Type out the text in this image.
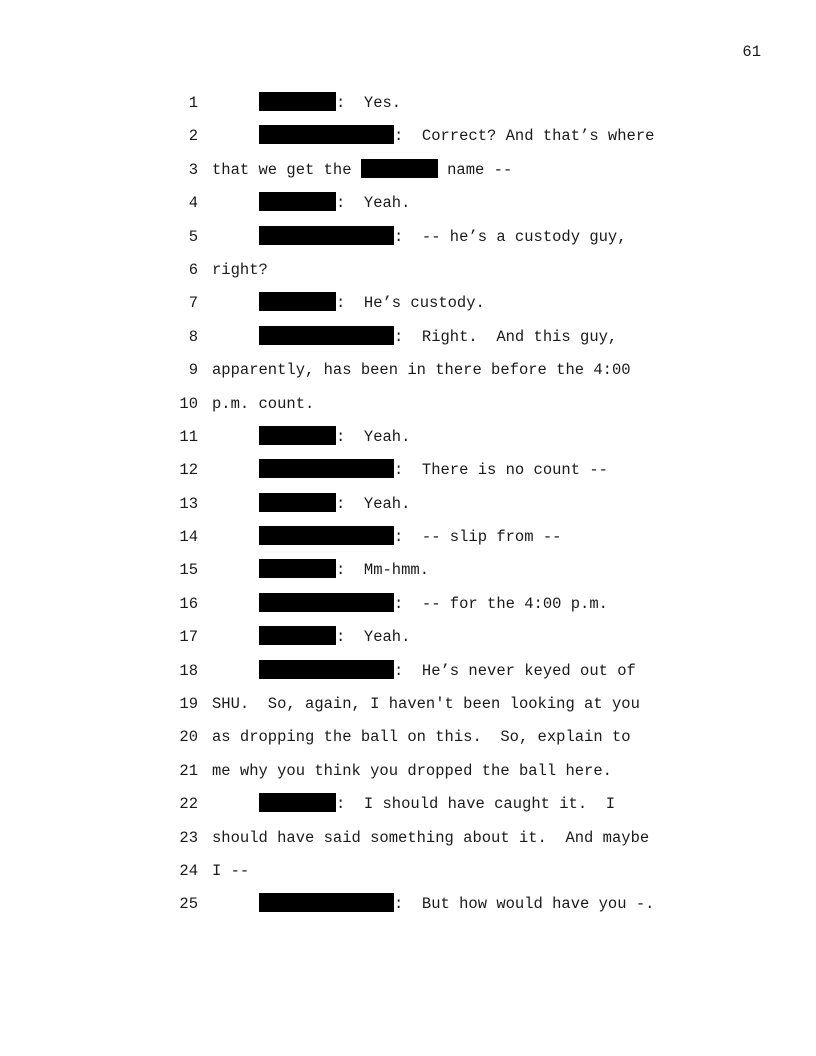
61
1	:  Yes.
2	:  Correct? And that’s where
3 that we get the	name --
4	:  Yeah.
5	:  -- he’s a custody guy,
6 right?
7	:  He’s custody.
8	:  Right.  And this guy,
9 apparently, has been in there before the 4:00
10 p.m. count.
11	:  Yeah.
12	:  There is no count --
13	:  Yeah.
14	:  -- slip from --
15	:  Mm-hmm.
16	:  -- for the 4:00 p.m.
17	:  Yeah.
18	:  He’s never keyed out of
19 SHU.  So, again, I haven't been looking at you
20 as dropping the ball on this.  So, explain to
21 me why you think you dropped the ball here.
22	:  I should have caught it.  I
23 should have said something about it.  And maybe
24 I --
25	:  But how would have you -.
